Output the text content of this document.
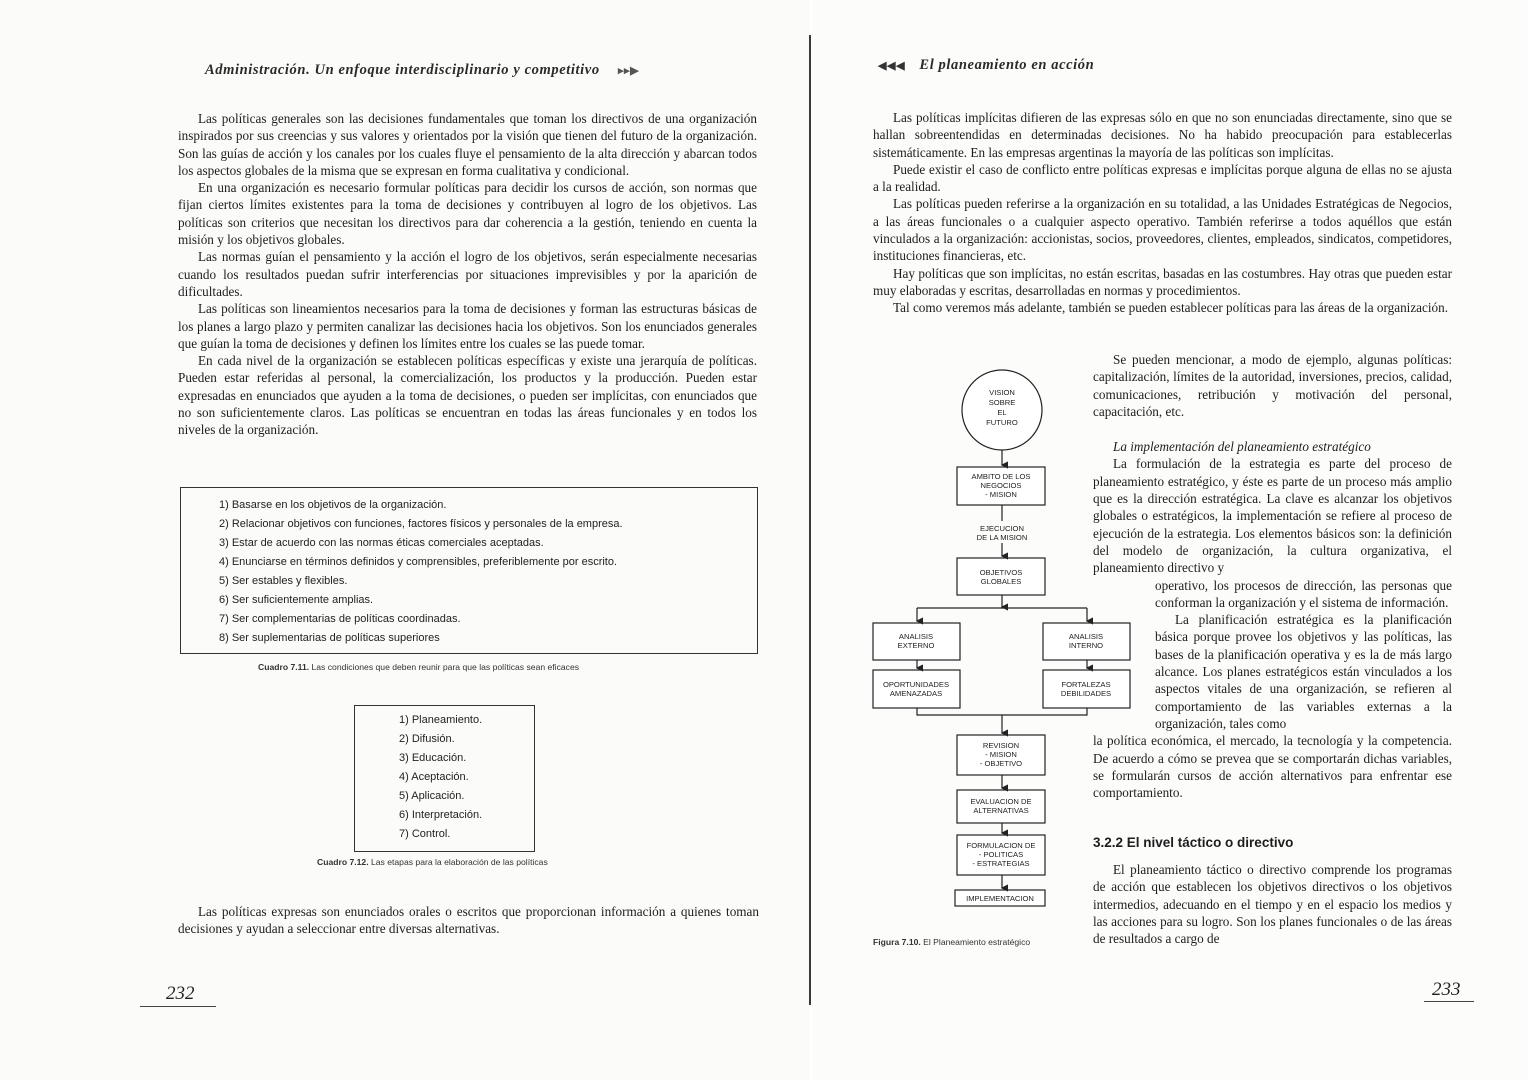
Administración. Un enfoque interdisciplinario y competitivo ▸▸▶

Las políticas generales son las decisiones fundamentales que toman los directivos de una organización inspirados por sus creencias y sus valores y orientados por la visión que tienen del futuro de la organización. Son las guías de acción y los canales por los cuales fluye el pensamiento de la alta dirección y abarcan todos los aspectos globales de la misma que se expresan en forma cualitativa y condicional.

En una organización es necesario formular políticas para decidir los cursos de acción, son normas que fijan ciertos límites existentes para la toma de decisiones y contribuyen al logro de los objetivos. Las políticas son criterios que necesitan los directivos para dar coherencia a la gestión, teniendo en cuenta la misión y los objetivos globales.

Las normas guían el pensamiento y la acción el logro de los objetivos, serán especialmente necesarias cuando los resultados puedan sufrir interferencias por situaciones imprevisibles y por la aparición de dificultades.

Las políticas son lineamientos necesarios para la toma de decisiones y forman las estructuras básicas de los planes a largo plazo y permiten canalizar las decisiones hacia los objetivos. Son los enunciados generales que guían la toma de decisiones y definen los límites entre los cuales se las puede tomar.

En cada nivel de la organización se establecen políticas específicas y existe una jerarquía de políticas. Pueden estar referidas al personal, la comercialización, los productos y la producción. Pueden estar expresadas en enunciados que ayuden a la toma de decisiones, o pueden ser implícitas, con enunciados que no son suficientemente claros. Las políticas se encuentran en todas las áreas funcionales y en todos los niveles de la organización.

1) Basarse en los objetivos de la organización.
2) Relacionar objetivos con funciones, factores físicos y personales de la empresa.
3) Estar de acuerdo con las normas éticas comerciales aceptadas.
4) Enunciarse en términos definidos y comprensibles, preferiblemente por escrito.
5) Ser estables y flexibles.
6) Ser suficientemente amplias.
7) Ser complementarias de políticas coordinadas.
8) Ser suplementarias de políticas superiores
Cuadro 7.11. Las condiciones que deben reunir para que las políticas sean eficaces
1) Planeamiento.
2) Difusión.
3) Educación.
4) Aceptación.
5) Aplicación.
6) Interpretación.
7) Control.
Cuadro 7.12. Las etapas para la elaboración de las políticas

Las políticas expresas son enunciados orales o escritos que proporcionan información a quienes toman decisiones y ayudan a seleccionar entre diversas alternativas.

232
◀◀◀ El planeamiento en acción

Las políticas implícitas difieren de las expresas sólo en que no son enunciadas directamente, sino que se hallan sobreentendidas en determinadas decisiones. No ha habido preocupación para establecerlas sistemáticamente. En las empresas argentinas la mayoría de las políticas son implícitas.

Puede existir el caso de conflicto entre políticas expresas e implícitas porque alguna de ellas no se ajusta a la realidad.

Las políticas pueden referirse a la organización en su totalidad, a las Unidades Estratégicas de Negocios, a las áreas funcionales o a cualquier aspecto operativo. También referirse a todos aquéllos que están vinculados a la organización: accionistas, socios, proveedores, clientes, empleados, sindicatos, competidores, instituciones financieras, etc.

Hay políticas que son implícitas, no están escritas, basadas en las costumbres. Hay otras que pueden estar muy elaboradas y escritas, desarrolladas en normas y procedimientos.

Tal como veremos más adelante, también se pueden establecer políticas para las áreas de la organización.

Se pueden mencionar, a modo de ejemplo, algunas políticas: capitalización, límites de la autoridad, inversiones, precios, calidad, comunicaciones, retribución y motivación del personal, capacitación, etc.

La implementación del planeamiento estratégico

La formulación de la estrategia es parte del proceso de planeamiento estratégico, y éste es parte de un proceso más amplio que es la dirección estratégica. La clave es alcanzar los objetivos globales o estratégicos, la implementación se refiere al proceso de ejecución de la estrategia. Los elementos básicos son: la definición del modelo de organización, la cultura organizativa, el planeamiento directivo y

operativo, los procesos de dirección, las personas que conforman la organización y el sistema de información.

La planificación estratégica es la planificación básica porque provee los objetivos y las políticas, las bases de la planificación operativa y es la de más largo alcance. Los planes estratégicos están vinculados a los aspectos vitales de una organización, se refieren al comportamiento de las variables externas a la organización, tales como

la política económica, el mercado, la tecnología y la competencia. De acuerdo a cómo se prevea que se comportarán dichas variables, se formularán cursos de acción alternativos para enfrentar ese comportamiento.

3.2.2 El nivel táctico o directivo

El planeamiento táctico o directivo comprende los programas de acción que establecen los objetivos directivos o los objetivos intermedios, adecuando en el tiempo y en el espacio los medios y las acciones para su logro. Son los planes funcionales o de las áreas de resultados a cargo de

VISION
SOBRE
EL
FUTURO
AMBITO DE LOS
NEGOCIOS
- MISION
EJECUCION
DE LA MISION
OBJETIVOS
GLOBALES
ANALISIS
EXTERNO
ANALISIS
INTERNO
OPORTUNIDADES
AMENAZADAS
FORTALEZAS
DEBILIDADES
REVISION
- MISION
- OBJETIVO
EVALUACION DE
ALTERNATIVAS
FORMULACION DE
- POLITICAS
- ESTRATEGIAS
IMPLEMENTACION
Figura 7.10. El Planeamiento estratégico
233
